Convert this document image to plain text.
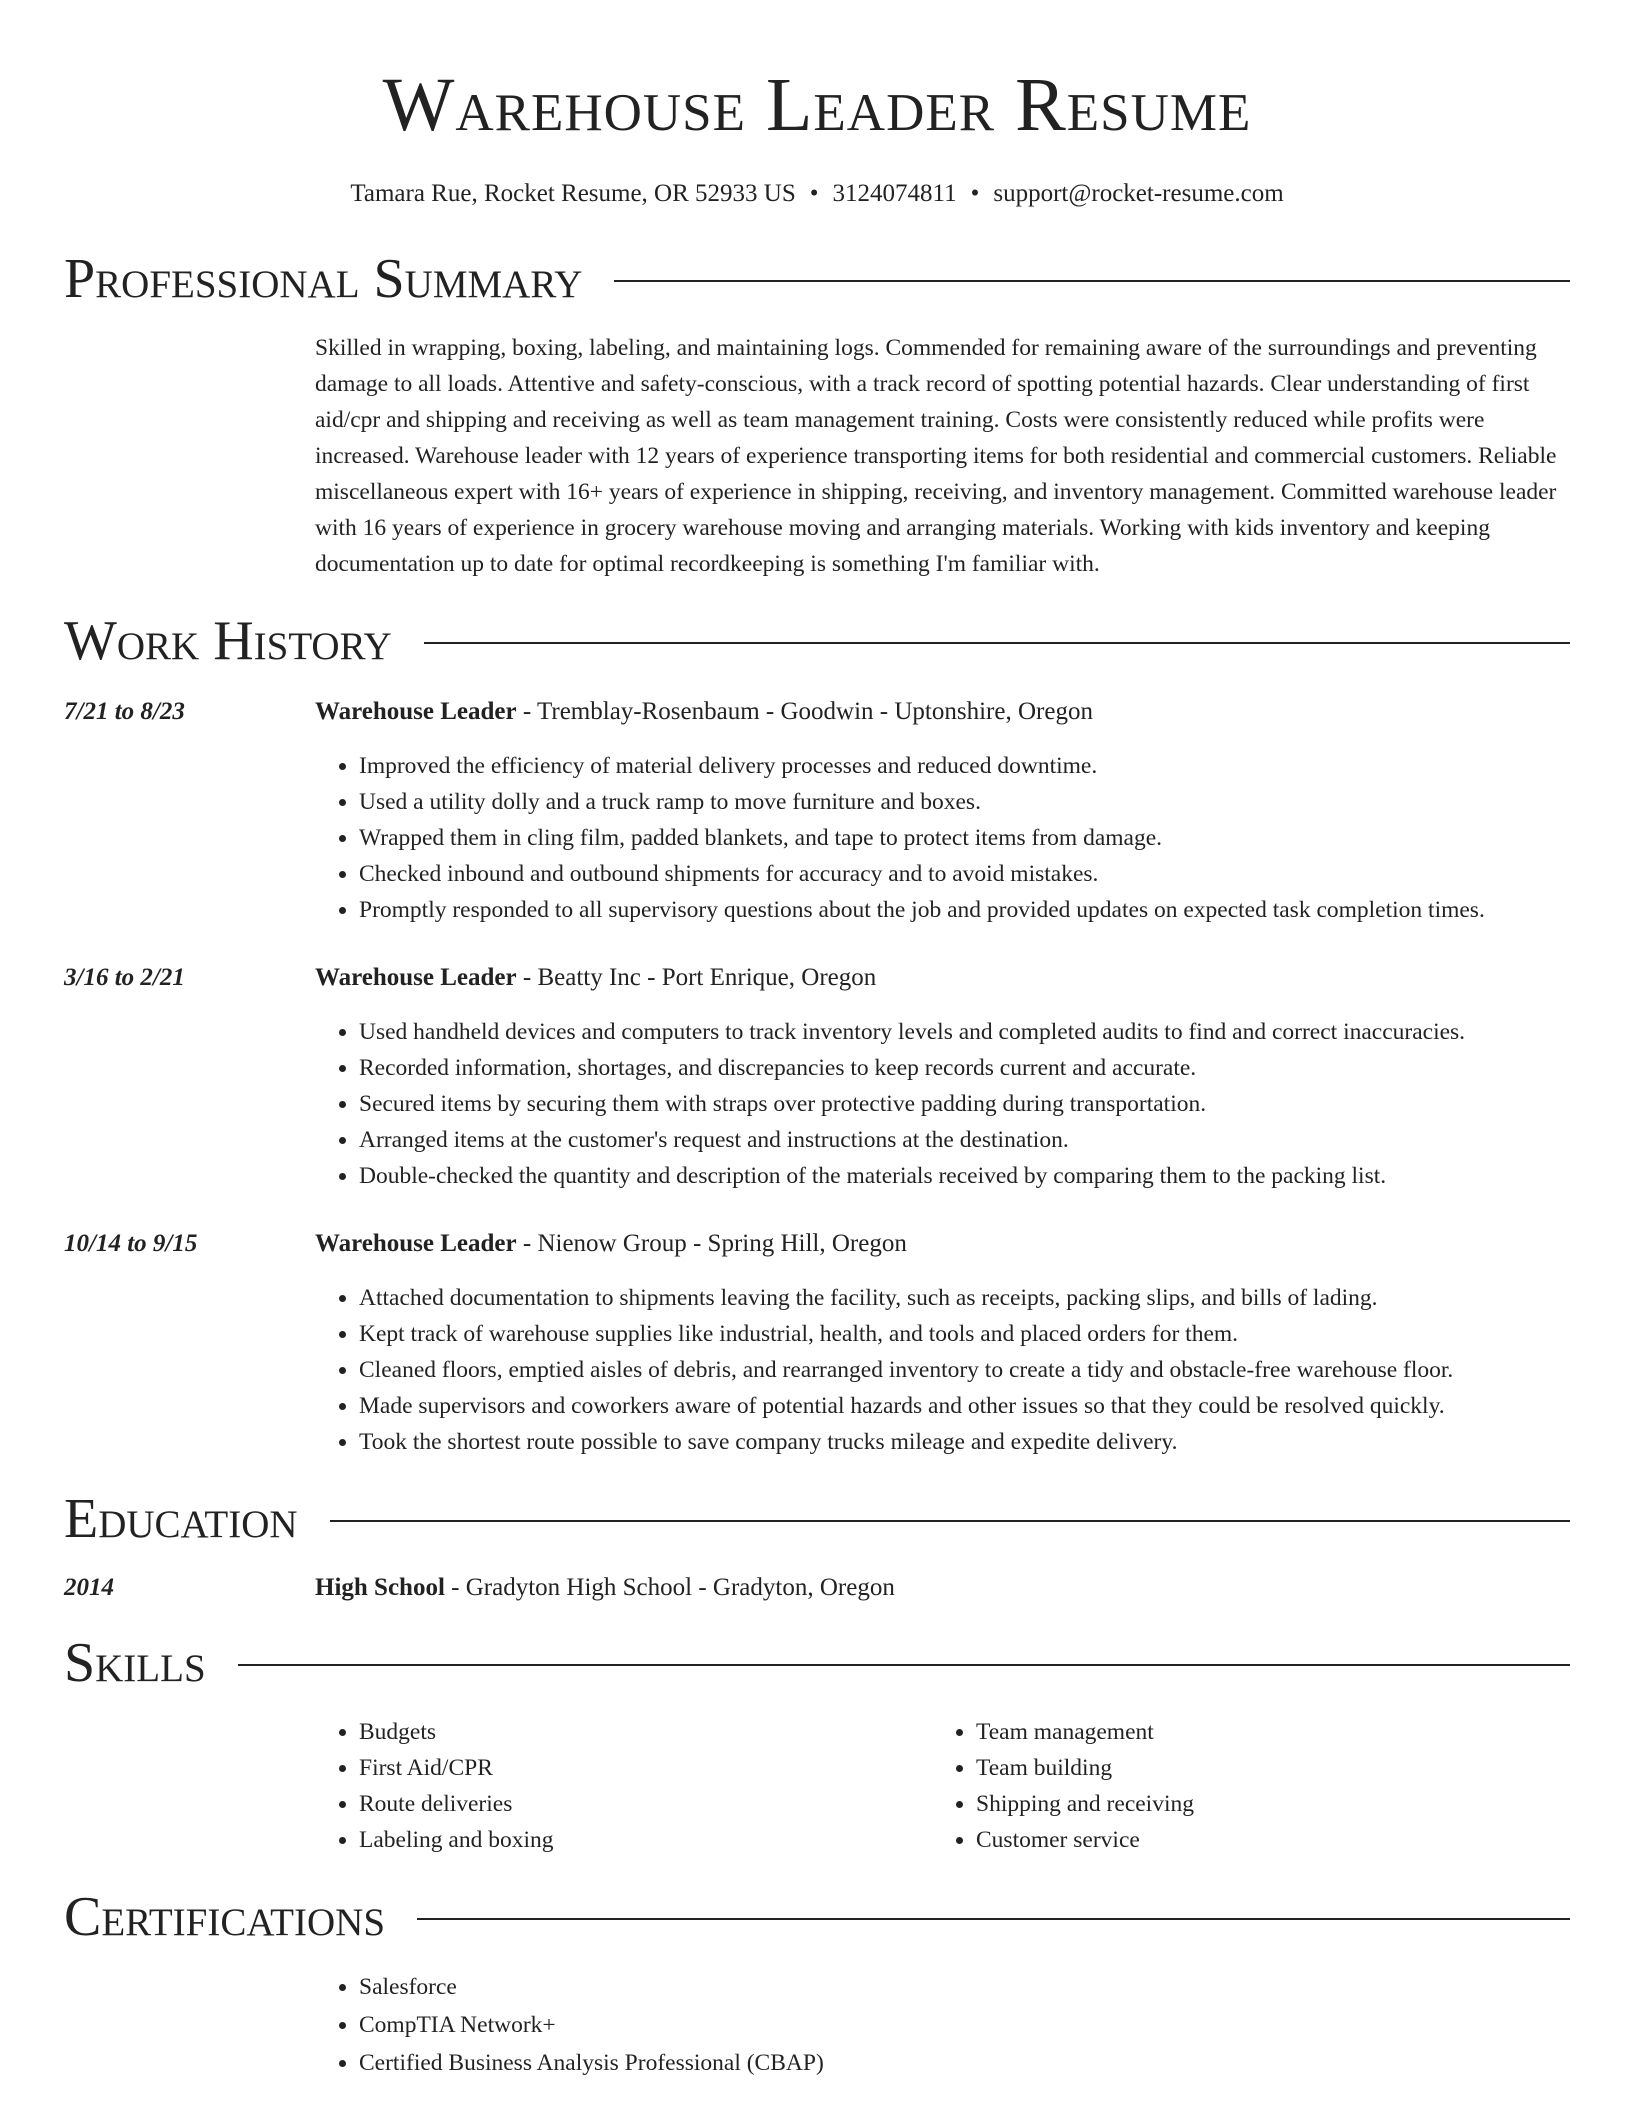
Warehouse Leader Resume
Tamara Rue, Rocket Resume, OR 52933 US • 3124074811 • support@rocket-resume.com
Professional Summary
Skilled in wrapping, boxing, labeling, and maintaining logs. Commended for remaining aware of the surroundings and preventing damage to all loads. Attentive and safety-conscious, with a track record of spotting potential hazards. Clear understanding of first aid/cpr and shipping and receiving as well as team management training. Costs were consistently reduced while profits were increased. Warehouse leader with 12 years of experience transporting items for both residential and commercial customers. Reliable miscellaneous expert with 16+ years of experience in shipping, receiving, and inventory management. Committed warehouse leader with 16 years of experience in grocery warehouse moving and arranging materials. Working with kids inventory and keeping documentation up to date for optimal recordkeeping is something I'm familiar with.
Work History
7/21 to 8/23	Warehouse Leader - Tremblay-Rosenbaum - Goodwin - Uptonshire, Oregon
• Improved the efficiency of material delivery processes and reduced downtime.
• Used a utility dolly and a truck ramp to move furniture and boxes.
• Wrapped them in cling film, padded blankets, and tape to protect items from damage.
• Checked inbound and outbound shipments for accuracy and to avoid mistakes.
• Promptly responded to all supervisory questions about the job and provided updates on expected task completion times.
3/16 to 2/21	Warehouse Leader - Beatty Inc - Port Enrique, Oregon
• Used handheld devices and computers to track inventory levels and completed audits to find and correct inaccuracies.
• Recorded information, shortages, and discrepancies to keep records current and accurate.
• Secured items by securing them with straps over protective padding during transportation.
• Arranged items at the customer's request and instructions at the destination.
• Double-checked the quantity and description of the materials received by comparing them to the packing list.
10/14 to 9/15	Warehouse Leader - Nienow Group - Spring Hill, Oregon
• Attached documentation to shipments leaving the facility, such as receipts, packing slips, and bills of lading.
• Kept track of warehouse supplies like industrial, health, and tools and placed orders for them.
• Cleaned floors, emptied aisles of debris, and rearranged inventory to create a tidy and obstacle-free warehouse floor.
• Made supervisors and coworkers aware of potential hazards and other issues so that they could be resolved quickly.
• Took the shortest route possible to save company trucks mileage and expedite delivery.
Education
2014	High School - Gradyton High School - Gradyton, Oregon
Skills
• Budgets
• First Aid/CPR
• Route deliveries
• Labeling and boxing
• Team management
• Team building
• Shipping and receiving
• Customer service
Certifications
• Salesforce
• CompTIA Network+
• Certified Business Analysis Professional (CBAP)
